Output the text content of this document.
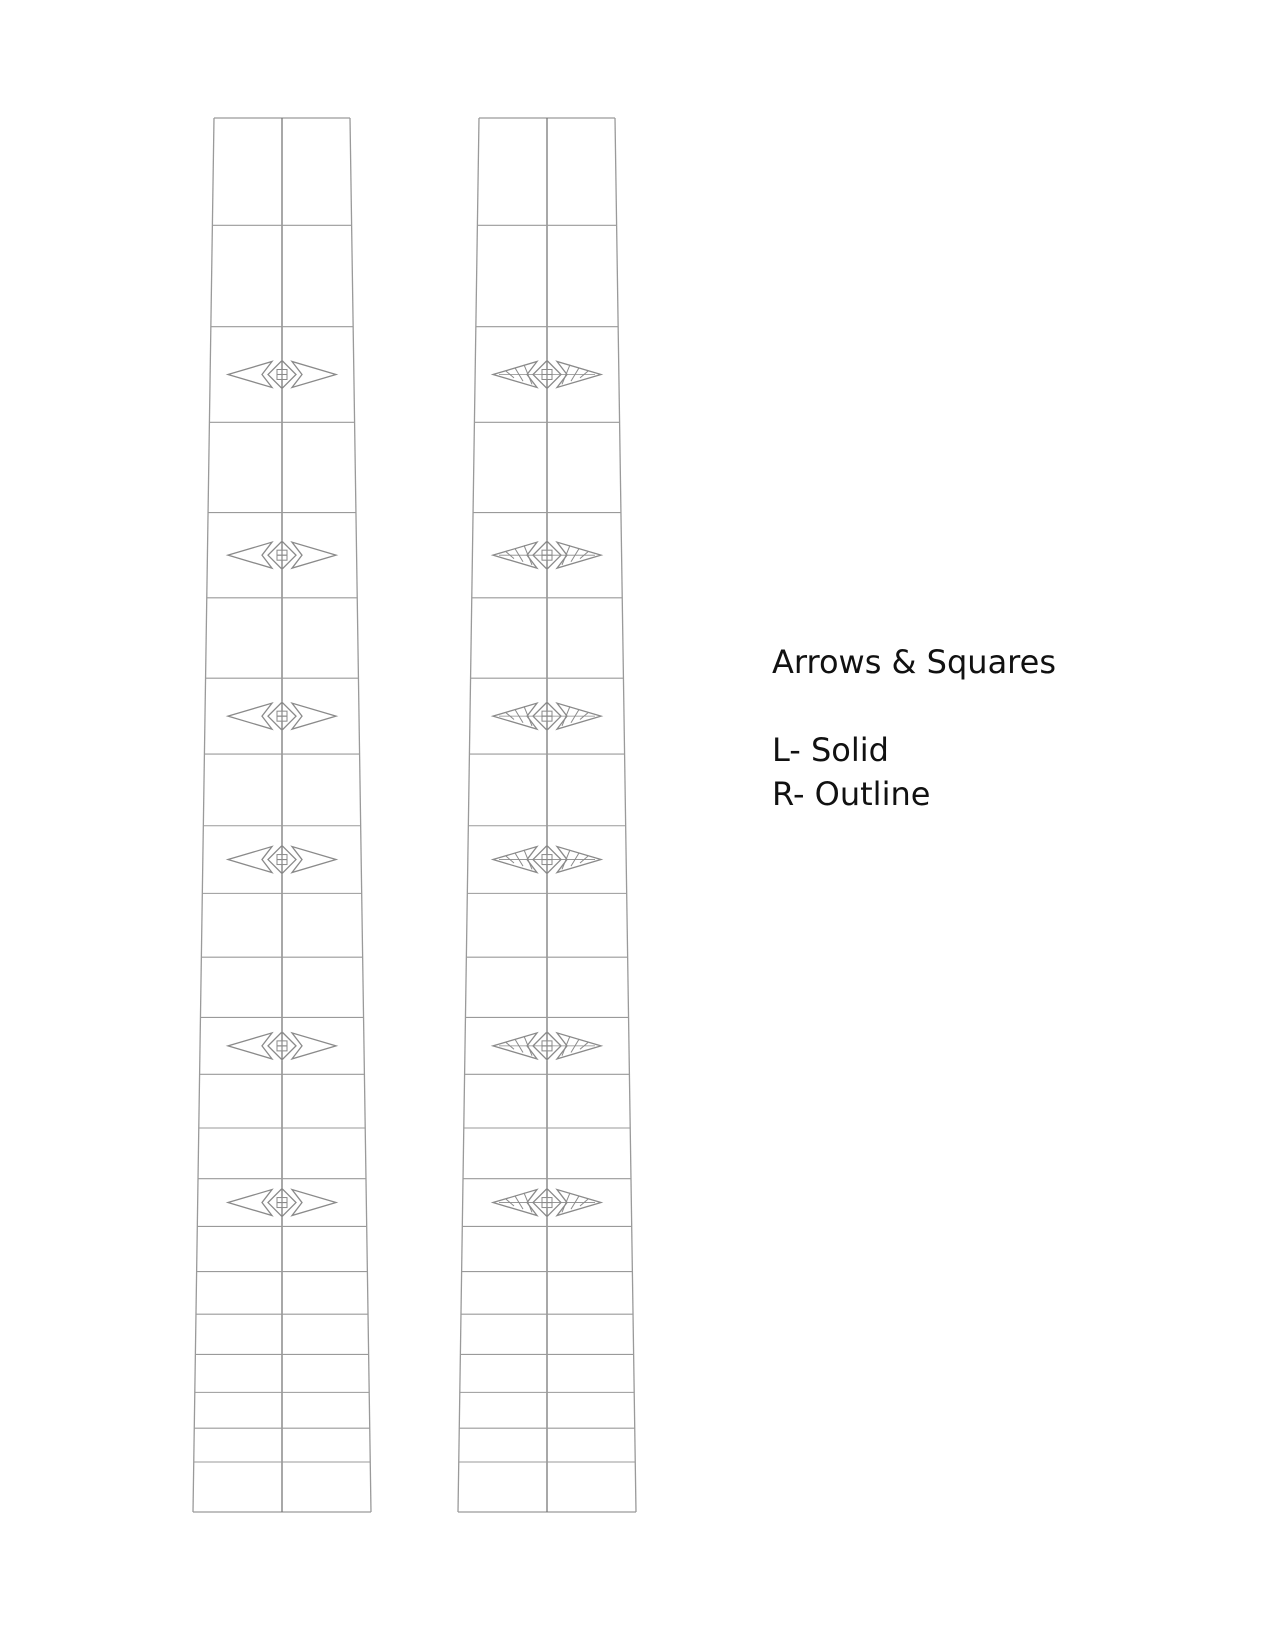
Arrows & Squares
L- Solid
R- Outline
